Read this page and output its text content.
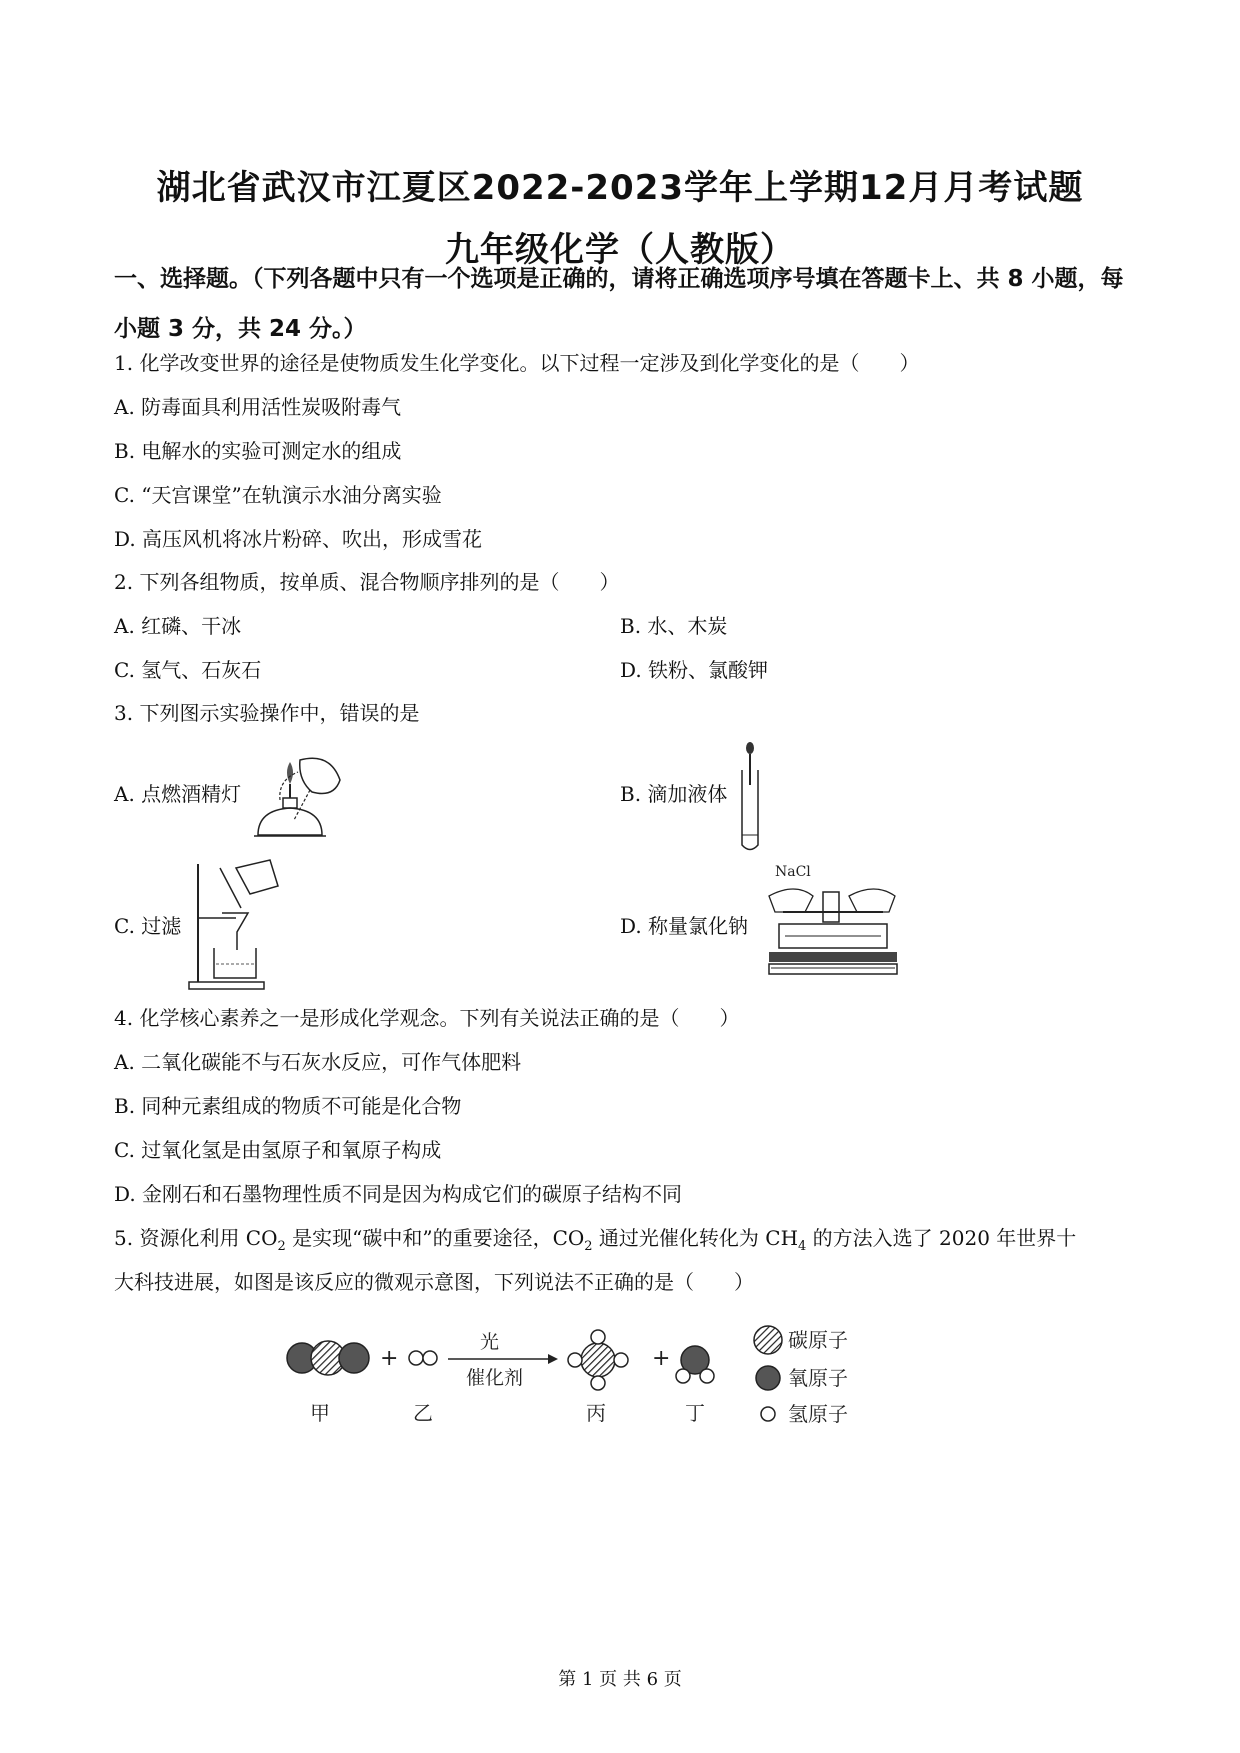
湖北省武汉市江夏区2022-2023学年上学期12月月考试题
九年级化学（人教版）
一、选择题。（下列各题中只有一个选项是正确的，请将正确选项序号填在答题卡上、共 8 小题，每小题 3 分，共 24 分。）
1. 化学改变世界的途径是使物质发生化学变化。以下过程一定涉及到化学变化的是（　　）
A. 防毒面具利用活性炭吸附毒气
B. 电解水的实验可测定水的组成
C. “天宫课堂”在轨演示水油分离实验
D. 高压风机将冰片粉碎、吹出，形成雪花
2. 下列各组物质，按单质、混合物顺序排列的是（　　）
A. 红磷、干冰	B. 水、木炭
C. 氢气、石灰石	D. 铁粉、氯酸钾
3. 下列图示实验操作中，错误的是
A. 点燃酒精灯	B. 滴加液体
C. 过滤	D. 称量氯化钠
NaCl
4. 化学核心素养之一是形成化学观念。下列有关说法正确的是（　　）
A. 二氧化碳能不与石灰水反应，可作气体肥料
B. 同种元素组成的物质不可能是化合物
C. 过氧化氢是由氢原子和氧原子构成
D. 金刚石和石墨物理性质不同是因为构成它们的碳原子结构不同
5. 资源化利用 $CO_2$ 是实现“碳中和”的重要途径，$CO_2$ 通过光催化转化为 $CH_4$ 的方法入选了 2020 年世界十
大科技进展，如图是该反应的微观示意图，下列说法不正确的是（　　）
+
光
催化剂
+
甲	乙	丙	丁
碳原子
氧原子
氢原子
第 1 页 共 6 页
